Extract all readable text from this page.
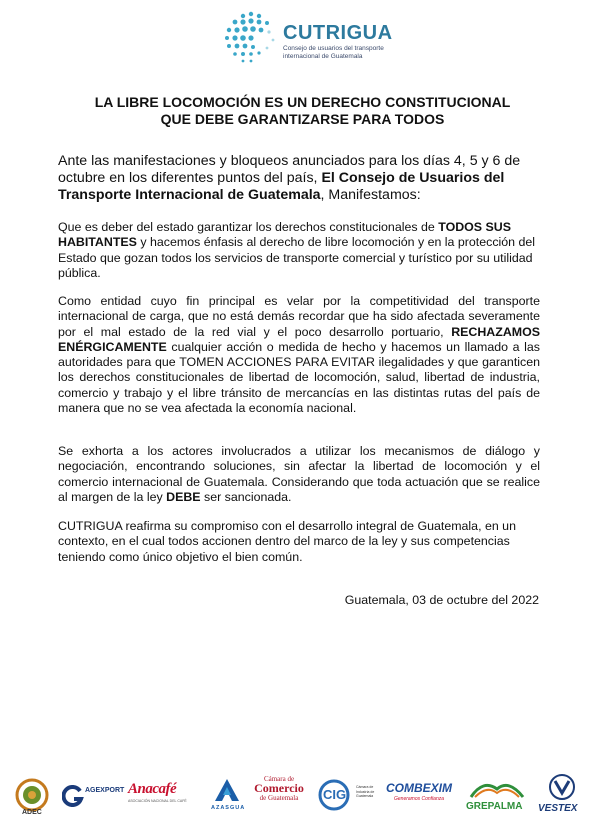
CUTRIGUA
Consejo de usuarios del transporte
internacional de Guatemala
LA LIBRE LOCOMOCIÓN ES UN DERECHO CONSTITUCIONAL
QUE DEBE GARANTIZARSE PARA TODOS
Ante las manifestaciones y bloqueos anunciados para los días 4, 5 y 6 de octubre en los diferentes puntos del país, El Consejo de Usuarios del Transporte Internacional de Guatemala, Manifestamos:
Que es deber del estado garantizar los derechos constitucionales de TODOS SUS HABITANTES y hacemos énfasis al derecho de libre locomoción y en la protección del Estado que gozan todos los servicios de transporte comercial y turístico por su utilidad pública.
Como entidad cuyo fin principal es velar por la competitividad del transporte internacional de carga, que no está demás recordar que ha sido afectada severamente por el mal estado de la red vial y el poco desarrollo portuario, RECHAZAMOS ENÉRGICAMENTE cualquier acción o medida de hecho y hacemos un llamado a las autoridades para que TOMEN ACCIONES PARA EVITAR ilegalidades y que garanticen los derechos constitucionales de libertad de locomoción, salud, libertad de industria, comercio y trabajo y el libre tránsito de mercancías en las distintas rutas del país de manera que no se vea afectada la economía nacional.
Se exhorta a los actores involucrados a utilizar los mecanismos de diálogo y negociación, encontrando soluciones, sin afectar la libertad de locomoción y el comercio internacional de Guatemala. Considerando que toda actuación que se realice al margen de la ley DEBE ser sancionada.
CUTRIGUA reafirma su compromiso con el desarrollo integral de Guatemala, en un contexto, en el cual todos accionen dentro del marco de la ley y sus competencias teniendo como único objetivo el bien común.
Guatemala, 03 de octubre del 2022
ADEC
AGEXPORT Anacafé
ASOCIACIÓN NACIONAL DEL CAFÉ
AZASGUA
Cámara de
Comercio
de Guatemala	CIG	Cámara de Industria de Guatemala
COMBEXIM
Generamos Confianza
GREPALMA VESTEX
